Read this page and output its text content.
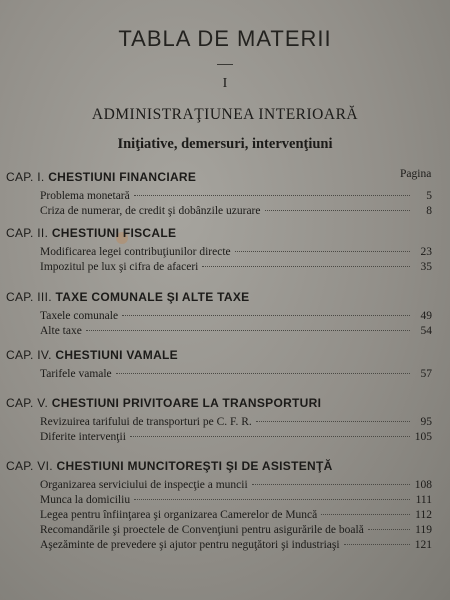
TABLA DE MATERII
I
ADMINISTRAŢIUNEA INTERIOARĂ
Iniţiative, demersuri, intervenţiuni
Pagina
CAP. I. CHESTIUNI FINANCIARE
Problema monetară	5
Criza de numerar, de credit şi dobânzile uzurare	8
CAP. II. CHESTIUNI FISCALE
Modificarea legei contribuţiunilor directe	23
Impozitul pe lux şi cifra de afaceri	35
CAP. III. TAXE COMUNALE ŞI ALTE TAXE
Taxele comunale	49
Alte taxe	54
CAP. IV. CHESTIUNI VAMALE
Tarifele vamale	57
CAP. V. CHESTIUNI PRIVITOARE LA TRANSPORTURI
Revizuirea tarifului de transporturi pe C. F. R.	95
Diferite intervenţii	105
CAP. VI. CHESTIUNI MUNCITOREŞTI ŞI DE ASISTENŢĂ
Organizarea serviciului de inspecţie a muncii	108
Munca la domiciliu	111
Legea pentru înfiinţarea şi organizarea Camerelor de Muncă	112
Recomandările şi proectele de Convenţiuni pentru asigurările de boală	119
Aşezăminte de prevedere şi ajutor pentru neguţători şi industriaşi	121
